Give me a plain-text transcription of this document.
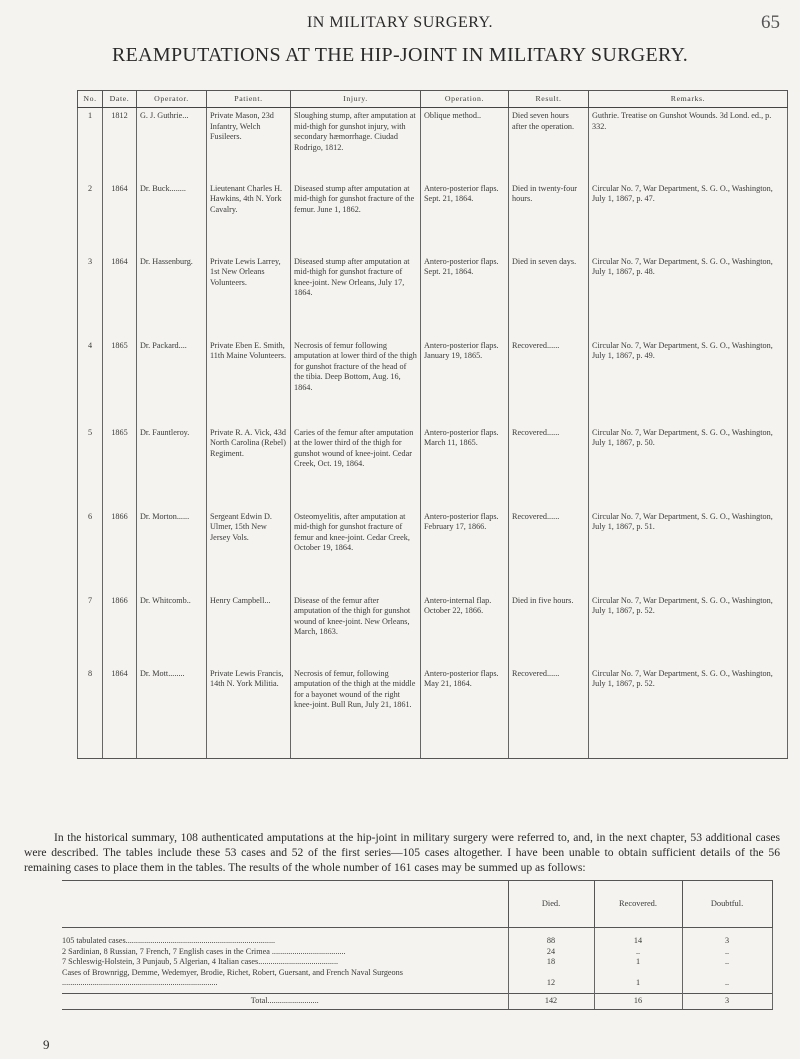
IN MILITARY SURGERY.	65
REAMPUTATIONS AT THE HIP-JOINT IN MILITARY SURGERY.
No.	Date.	Operator.	Patient.	Injury.	Operation.	Result.	Remarks.
1	1812	G. J. Guthrie...	Private Mason, 23d Infantry, Welch Fusileers.	Sloughing stump, after amputation at mid-thigh for gunshot injury, with secondary hæmorrhage. Ciudad Rodrigo, 1812.	Oblique method..	Died seven hours after the operation.	Guthrie. Treatise on Gunshot Wounds. 3d Lond. ed., p. 332.
2	1864	Dr. Buck........	Lieutenant Charles H. Hawkins, 4th N. York Cavalry.	Diseased stump after amputation at mid-thigh for gunshot fracture of the femur. June 1, 1862.	Antero-posterior flaps. Sept. 21, 1864.	Died in twenty-four hours.	Circular No. 7, War Department, S. G. O., Washington, July 1, 1867, p. 47.
3	1864	Dr. Hassenburg.	Private Lewis Larrey, 1st New Orleans Volunteers.	Diseased stump after amputation at mid-thigh for gunshot fracture of knee-joint. New Orleans, July 17, 1864.	Antero-posterior flaps. Sept. 21, 1864.	Died in seven days.	Circular No. 7, War Department, S. G. O., Washington, July 1, 1867, p. 48.
4	1865	Dr. Packard....	Private Eben E. Smith, 11th Maine Volunteers.	Necrosis of femur following amputation at lower third of the thigh for gunshot fracture of the head of the tibia. Deep Bottom, Aug. 16, 1864.	Antero-posterior flaps. January 19, 1865.	Recovered......	Circular No. 7, War Department, S. G. O., Washington, July 1, 1867, p. 49.
5	1865	Dr. Fauntleroy.	Private R. A. Vick, 43d North Carolina (Rebel) Regiment.	Caries of the femur after amputation at the lower third of the thigh for gunshot wound of knee-joint. Cedar Creek, Oct. 19, 1864.	Antero-posterior flaps. March 11, 1865.	Recovered......	Circular No. 7, War Department, S. G. O., Washington, July 1, 1867, p. 50.
6	1866	Dr. Morton......	Sergeant Edwin D. Ulmer, 15th New Jersey Vols.	Osteomyelitis, after amputation at mid-thigh for gunshot fracture of femur and knee-joint. Cedar Creek, October 19, 1864.	Antero-posterior flaps. February 17, 1866.	Recovered......	Circular No. 7, War Department, S. G. O., Washington, July 1, 1867, p. 51.
7	1866	Dr. Whitcomb..	Henry Campbell...	Disease of the femur after amputation of the thigh for gunshot wound of knee-joint. New Orleans, March, 1863.	Antero-internal flap. October 22, 1866.	Died in five hours.	Circular No. 7, War Department, S. G. O., Washington, July 1, 1867, p. 52.
8	1864	Dr. Mott........	Private Lewis Francis, 14th N. York Militia.	Necrosis of femur, following amputation of the thigh at the middle for a bayonet wound of the right knee-joint. Bull Run, July 21, 1861.	Antero-posterior flaps. May 21, 1864.	Recovered......	Circular No. 7, War Department, S. G. O., Washington, July 1, 1867, p. 52.

In the historical summary, 108 authenticated amputations at the hip-joint in military surgery were referred to, and, in the next chapter, 53 additional cases were described. The tables include these 53 cases and 52 of the first series—105 cases altogether. I have been unable to obtain sufficient details of the 56 remaining cases to place them in the tables. The results of the whole number of 161 cases may be summed up as follows:

	Died.	Recovered.	Doubtful.
105 tabulated cases.........................................................................	88	14	3
2 Sardinian, 8 Russian, 7 French, 7 English cases in the Crimea ....................................	24	..	..
7 Schleswig-Holstein, 3 Punjaub, 5 Algerian, 4 Italian cases.......................................	18	1	..
Cases of Brownrigg, Demme, Wedemyer, Brodie, Richet, Robert, Guersant, and French Naval Surgeons ............................................................................	12	1	..
Total.........................	142	16	3
9
